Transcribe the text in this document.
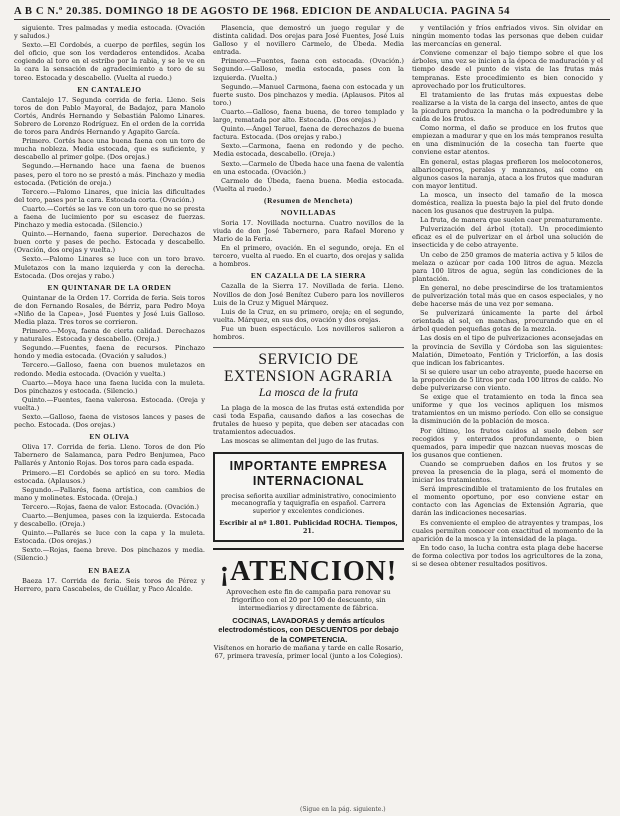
A B C N.º 20.385. DOMINGO 18 DE AGOSTO DE 1968. EDICION DE ANDALUCIA. PAGINA 54

siguiente. Tres palmadas y media estocada. (Ovación y saludos.)

Sexto.—El Cordobés, a cuerpo de perfiles, según los del oficio, que son los verdaderos entendidos. Acaba cogiendo al toro en el estribo por la rabia, y se le ve en la cara la sensación de agradecimiento a toro de su toreo. Estocada y descabello. (Vuelta al ruedo.)

EN CANTALEJO

Cantalejo 17. Segunda corrida de feria. Lleno. Seis toros de don Pablo Mayoral, de Badajoz, para Manolo Cortés, Andrés Hernando y Sebastián Palomo Linares. Sobrero de Lorenzo Rodríguez. En el orden de la corrida de toros para Andrés Hernando y Agapito García.

Primero. Cortés hace una buena faena con un toro de mucha nobleza. Media estocada, que es suficiente, y descabello al primer golpe. (Dos orejas.)

Segundo.—Hernando hace una faena de buenos pases, pero el toro no se prestó a más. Pinchazo y media estocada. (Petición de oreja.)

Tercero.—Palomo Linares, que inicia las dificultades del toro, pases por la cara. Estocada corta. (Ovación.)

Cuarto.—Cortés se las ve con un toro que no se presta a faena de lucimiento por su escasez de fuerzas. Pinchazo y media estocada. (Silencio.)

Quinto.—Hernando, faena superior. Derechazos de buen corte y pases de pecho. Estocada y descabello. (Ovación, dos orejas y vuelta.)

Sexto.—Palomo Linares se luce con un toro bravo. Muletazos con la mano izquierda y con la derecha. Estocada. (Dos orejas y rabo.)

EN QUINTANAR DE LA ORDEN

Quintanar de la Orden 17. Corrida de feria. Seis toros de don Fernando Rosales, de Bérriz, para Pedro Moya «Niño de la Capea», José Fuentes y José Luis Galloso. Media plaza. Tres toros se corrieron.

Primero.—Moya, faena de cierta calidad. Derechazos y naturales. Estocada y descabello. (Oreja.)

Segundo.—Fuentes, faena de recursos. Pinchazo hondo y media estocada. (Ovación y saludos.)

Tercero.—Galloso, faena con buenos muletazos en redondo. Media estocada. (Ovación y vuelta.)

Cuarto.—Moya hace una faena lucida con la muleta. Dos pinchazos y estocada. (Silencio.)

Quinto.—Fuentes, faena valerosa. Estocada. (Oreja y vuelta.)

Sexto.—Galloso, faena de vistosos lances y pases de pecho. Estocada. (Dos orejas.)

EN OLIVA

Oliva 17. Corrida de feria. Lleno. Toros de don Pío Tabernero de Salamanca, para Pedro Benjumea, Paco Pallarés y Antonio Rojas. Dos toros para cada espada.

Primero.—El Cordobés se aplicó en su toro. Media estocada. (Aplausos.)

Segundo.—Pallarés, faena artística, con cambios de mano y molinetes. Estocada. (Oreja.)

Tercero.—Rojas, faena de valor. Estocada. (Ovación.)

Cuarto.—Benjumea, pases con la izquierda. Estocada y descabello. (Oreja.)

Quinto.—Pallarés se luce con la capa y la muleta. Estocada. (Dos orejas.)

Sexto.—Rojas, faena breve. Dos pinchazos y media. (Silencio.)

EN BAEZA

Baeza 17. Corrida de feria. Seis toros de Pérez y Herrero, para Cascabeles, de Cuéllar, y Paco Alcalde.

Plasencia, que demostró un juego regular y de distinta calidad. Dos orejas para José Fuentes, José Luis Galloso y el novillero Carmelo, de Úbeda. Media entrada.

Primero.—Fuentes, faena con estocada. (Ovación.) Segundo.—Galloso, media estocada, pases con la izquierda. (Vuelta.)

Segundo.—Manuel Carmona, faena con estocada y un fuerte susto. Dos pinchazos y media. (Aplausos. Pitos al toro.)

Cuarto.—Galloso, faena buena, de toreo templado y largo, rematada por alto. Estocada. (Dos orejas.)

Quinto.—Ángel Teruel, faena de derechazos de buena factura. Estocada. (Dos orejas y rabo.)

Sexto.—Carmona, faena en redondo y de pecho. Media estocada, descabello. (Oreja.)

Sexto.—Carmelo de Úbeda hace una faena de valentía en una estocada. (Ovación.)

Carmelo de Úbeda, faena buena. Media estocada. (Vuelta al ruedo.)

(Resumen de Mencheta)
NOVILLADAS

Soria 17. Novillada nocturna. Cuatro novillos de la viuda de don José Tabernero, para Rafael Moreno y Mario de la Feria.

En el primero, ovación. En el segundo, oreja. En el tercero, vuelta al ruedo. En el cuarto, dos orejas y salida a hombros.

EN CAZALLA DE LA SIERRA

Cazalla de la Sierra 17. Novillada de feria. Lleno. Novillos de don José Benítez Cubero para los novilleros Luis de la Cruz y Miguel Márquez.

Luis de la Cruz, en su primero, oreja; en el segundo, vuelta. Márquez, en sus dos, ovación y dos orejas.

Fue un buen espectáculo. Los novilleros salieron a hombros.

SERVICIO DE EXTENSION AGRARIA
La mosca de la fruta

La plaga de la mosca de las frutas está extendida por casi toda España, causando daños a las cosechas de frutales de hueso y pepita, que deben ser atacadas con tratamientos adecuados.

Las moscas se alimentan del jugo de las frutas.

IMPORTANTE EMPRESA INTERNACIONAL
precisa señorita auxiliar administrativo, conocimiento mecanografía y taquigrafía en español. Carrera superior y excelentes condiciones.
Escribir al nº 1.801. Publicidad ROCHA. Tiempos, 21.
¡ATENCION!

Aprovechen este fin de campaña para renovar su frigorífico con el 20 por 100 de descuento, sin intermediarios y directamente de fábrica.

COCINAS, LAVADORAS y demás artículos electrodomésticos, con DESCUENTOS por debajo de la COMPETENCIA.

Visítenos en horario de mañana y tarde en calle Rosario, 67, primera travesía, primer local (junto a los Colegios).

y ventilación y fríos enfriados vivos. Sin olvidar en ningún momento todas las personas que deben cuidar las mercancías en general.

Conviene comenzar el bajo tiempo sobre el que los árboles, una vez se inicien a la época de maduración y el tiempo desde el punto de vista de las frutas más tempranas. Este procedimiento es bien conocido y aprovechado por los fruticultores.

El tratamiento de las frutas más expuestas debe realizarse a la vista de la carga del insecto, antes de que la picadura produzca la mancha o la podredumbre y la caída de los frutos.

Como norma, el daño se produce en los frutos que empiezan a madurar y que en los más tempranos resulta en una disminución de la cosecha tan fuerte que conviene estar atentos.

En general, estas plagas prefieren los melocotoneros, albaricoqueros, perales y manzanos, así como en algunos casos la naranja, ataca a los frutos que maduran con mayor lentitud.

La mosca, un insecto del tamaño de la mosca doméstica, realiza la puesta bajo la piel del fruto donde nacen los gusanos que destruyen la pulpa.

La fruta, de manera que suelen caer prematuramente.

Pulverización del árbol (total). Un procedimiento eficaz es el de pulverizar en el árbol una solución de insecticida y de cebo atrayente.

Un cebo de 250 gramos de materia activa y 5 kilos de melaza o azúcar por cada 100 litros de agua. Mezcla para 100 litros de agua, según las condiciones de la plantación.

En general, no debe prescindirse de los tratamientos de pulverización total más que en casos especiales, y no debe hacerse más de una vez por semana.

Se pulverizará únicamente la parte del árbol orientada al sol, en manchas, procurando que en el árbol queden pequeñas gotas de la mezcla.

Las dosis en el tipo de pulverizaciones aconsejadas en la provincia de Sevilla y Córdoba son las siguientes: Malatión, Dimetoato, Fentión y Triclorfón, a las dosis que indican los fabricantes.

Si se quiere usar un cebo atrayente, puede hacerse en la proporción de 5 litros por cada 100 litros de caldo. No debe pulverizarse con viento.

Se exige que el tratamiento en toda la finca sea uniforme y que los vecinos apliquen los mismos tratamientos en un mismo período. Con ello se consigue la disminución de la población de mosca.

Por último, los frutos caídos al suelo deben ser recogidos y enterrados profundamente, o bien quemados, para impedir que nazcan nuevas moscas de los gusanos que contienen.

Cuando se comprueben daños en los frutos y se prevea la presencia de la plaga, será el momento de iniciar los tratamientos.

Será imprescindible el tratamiento de los frutales en el momento oportuno, por eso conviene estar en contacto con las Agencias de Extensión Agraria, que darán las indicaciones necesarias.

Es conveniente el empleo de atrayentes y trampas, los cuales permiten conocer con exactitud el momento de la aparición de la mosca y la intensidad de la plaga.

En todo caso, la lucha contra esta plaga debe hacerse de forma colectiva por todos los agricultores de la zona, si se desea obtener resultados positivos.

(Sigue en la pág. siguiente.)
